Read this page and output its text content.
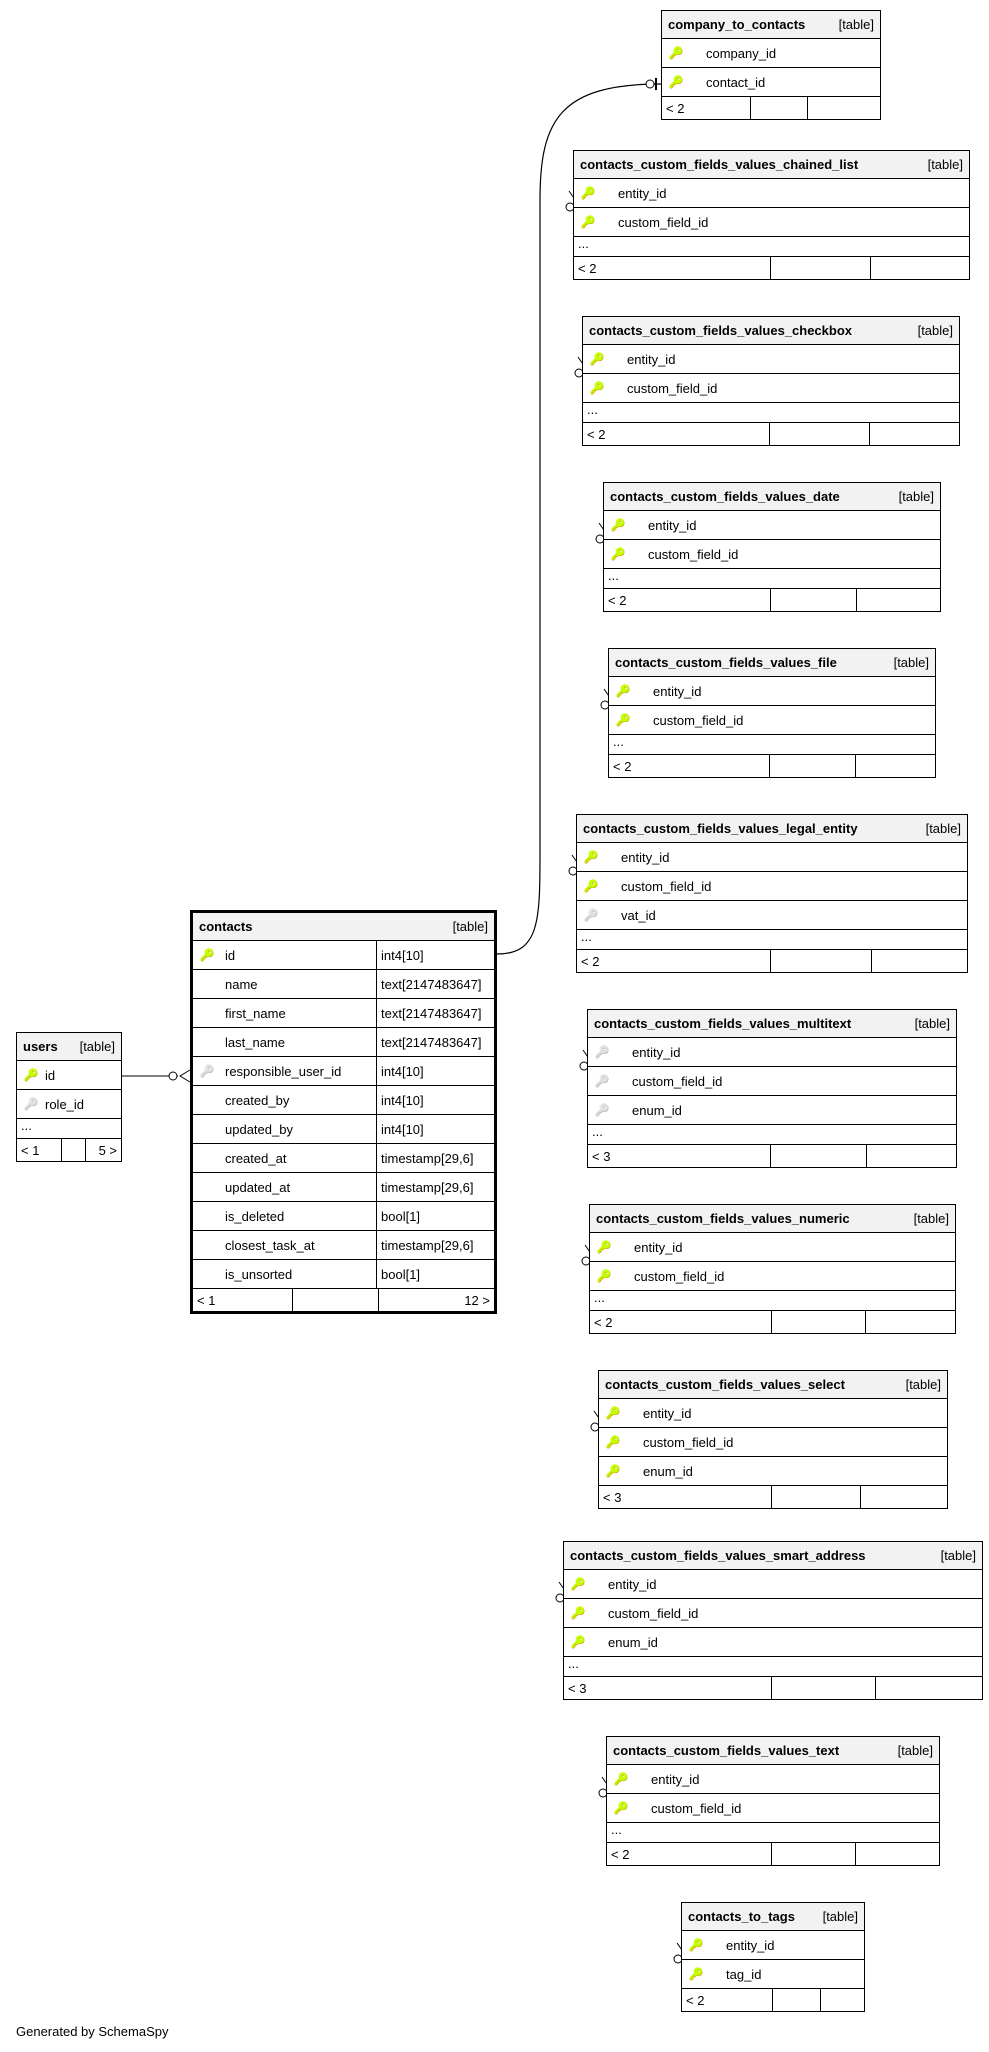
users [table]
🔑 id
🔑 role_id
...
< 1	5 >
contacts	[table]
🔑 id	int4[10]
name	text[2147483647]
first_name	text[2147483647]
last_name	text[2147483647]
🔑 responsible_user_id	int4[10]
created_by	int4[10]
updated_by	int4[10]
created_at	timestamp[29,6]
updated_at	timestamp[29,6]
is_deleted	bool[1]
closest_task_at	timestamp[29,6]
is_unsorted	bool[1]
< 1	12 >
company_to_contacts	[table]
🔑	company_id
🔑	contact_id
< 2
contacts_custom_fields_values_chained_list	[table]
🔑	entity_id
🔑	custom_field_id
...
< 2
contacts_custom_fields_values_checkbox	[table]
🔑	entity_id
🔑	custom_field_id
...
< 2
contacts_custom_fields_values_date	[table]
🔑	entity_id
🔑	custom_field_id
...
< 2
contacts_custom_fields_values_file	[table]
🔑	entity_id
🔑	custom_field_id
...
< 2
contacts_custom_fields_values_legal_entity	[table]
🔑	entity_id
🔑	custom_field_id
🔑	vat_id
...
< 2
contacts_custom_fields_values_multitext	[table]
🔑	entity_id
🔑	custom_field_id
🔑	enum_id
...
< 3
contacts_custom_fields_values_numeric	[table]
🔑	entity_id
🔑	custom_field_id
...
< 2
contacts_custom_fields_values_select	[table]
🔑	entity_id
🔑	custom_field_id
🔑	enum_id
< 3
contacts_custom_fields_values_smart_address	[table]
🔑	entity_id
🔑	custom_field_id
🔑	enum_id
...
< 3
contacts_custom_fields_values_text	[table]
🔑	entity_id
🔑	custom_field_id
...
< 2
contacts_to_tags [table]
🔑	entity_id
🔑	tag_id
< 2
Generated by SchemaSpy
